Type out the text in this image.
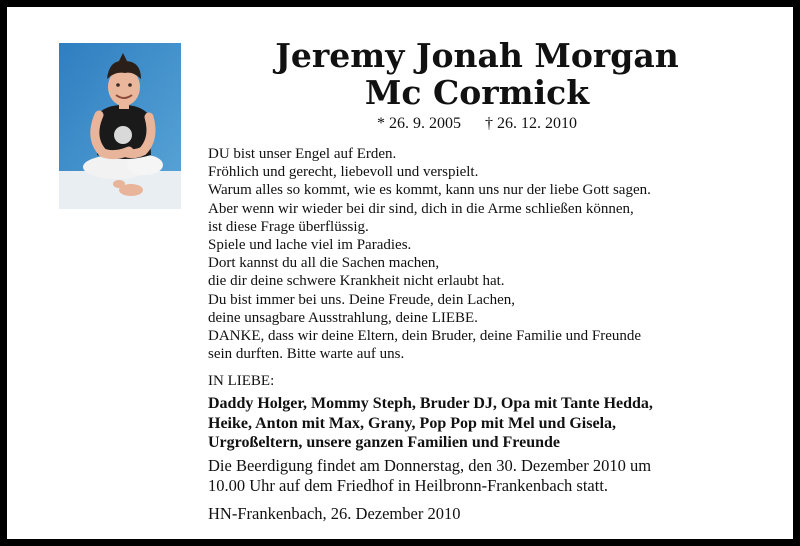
Jeremy Jonah Morgan
Mc Cormick
* 26. 9. 2005 † 26. 12. 2010
DU bist unser Engel auf Erden.
Fröhlich und gerecht, liebevoll und verspielt.
Warum alles so kommt, wie es kommt, kann uns nur der liebe Gott sagen.
Aber wenn wir wieder bei dir sind, dich in die Arme schließen können,
ist diese Frage überflüssig.
Spiele und lache viel im Paradies.
Dort kannst du all die Sachen machen,
die dir deine schwere Krankheit nicht erlaubt hat.
Du bist immer bei uns. Deine Freude, dein Lachen,
deine unsagbare Ausstrahlung, deine LIEBE.
DANKE, dass wir deine Eltern, dein Bruder, deine Familie und Freunde
sein durften. Bitte warte auf uns.
IN LIEBE:
Daddy Holger, Mommy Steph, Bruder DJ, Opa mit Tante Hedda,
Heike, Anton mit Max, Grany, Pop Pop mit Mel und Gisela,
Urgroßeltern, unsere ganzen Familien und Freunde
Die Beerdigung findet am Donnerstag, den 30. Dezember 2010 um
10.00 Uhr auf dem Friedhof in Heilbronn-Frankenbach statt.
HN-Frankenbach, 26. Dezember 2010
